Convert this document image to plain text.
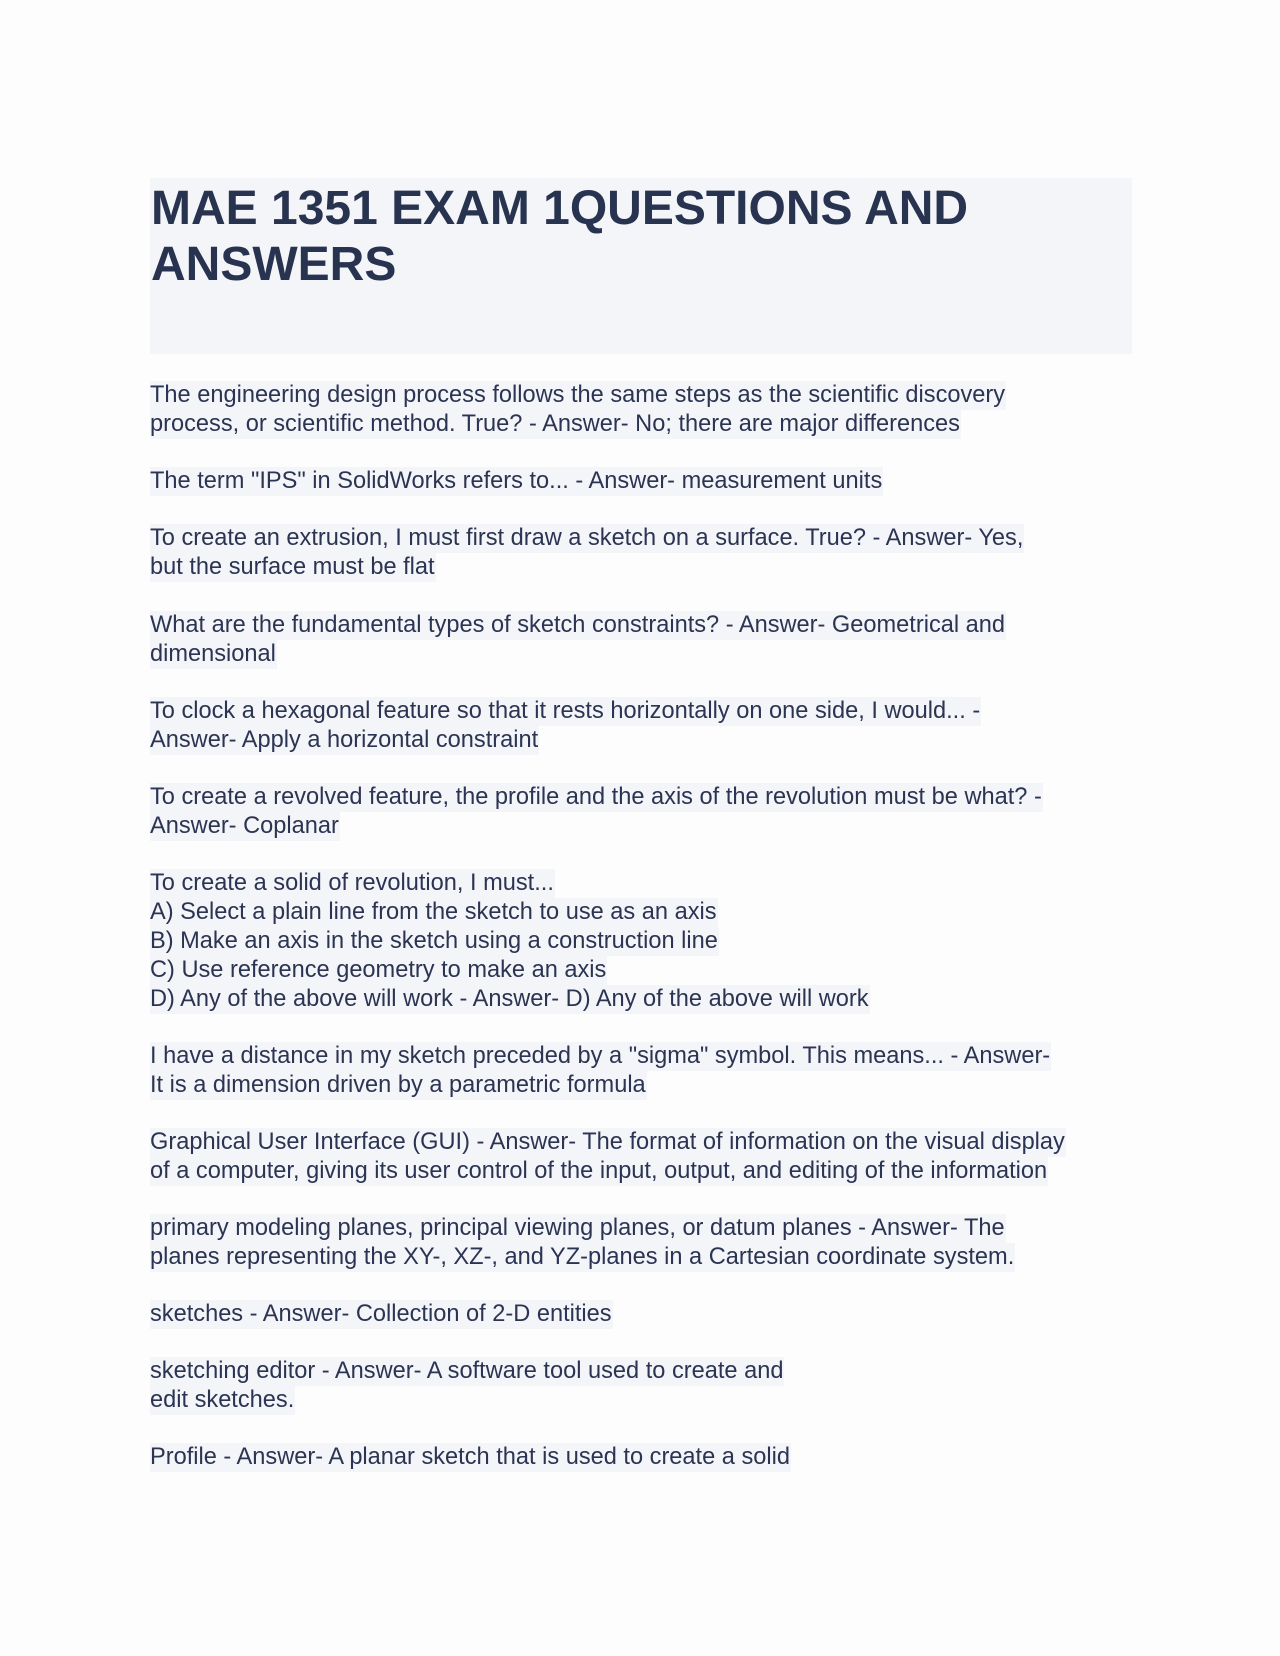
MAE 1351 EXAM 1QUESTIONS AND
ANSWERS
The engineering design process follows the same steps as the scientific discovery
process, or scientific method. True? - Answer- No; there are major differences
The term "IPS" in SolidWorks refers to... - Answer- measurement units
To create an extrusion, I must first draw a sketch on a surface. True? - Answer- Yes,
but the surface must be flat
What are the fundamental types of sketch constraints? - Answer- Geometrical and
dimensional
To clock a hexagonal feature so that it rests horizontally on one side, I would... -
Answer- Apply a horizontal constraint
To create a revolved feature, the profile and the axis of the revolution must be what? -
Answer- Coplanar
To create a solid of revolution, I must...
A) Select a plain line from the sketch to use as an axis
B) Make an axis in the sketch using a construction line
C) Use reference geometry to make an axis
D) Any of the above will work - Answer- D) Any of the above will work
I have a distance in my sketch preceded by a "sigma" symbol. This means... - Answer-
It is a dimension driven by a parametric formula
Graphical User Interface (GUI) - Answer- The format of information on the visual display
of a computer, giving its user control of the input, output, and editing of the information
primary modeling planes, principal viewing planes, or datum planes - Answer- The
planes representing the XY-, XZ-, and YZ-planes in a Cartesian coordinate system.
sketches - Answer- Collection of 2-D entities
sketching editor - Answer- A software tool used to create and
edit sketches.
Profile - Answer- A planar sketch that is used to create a solid
